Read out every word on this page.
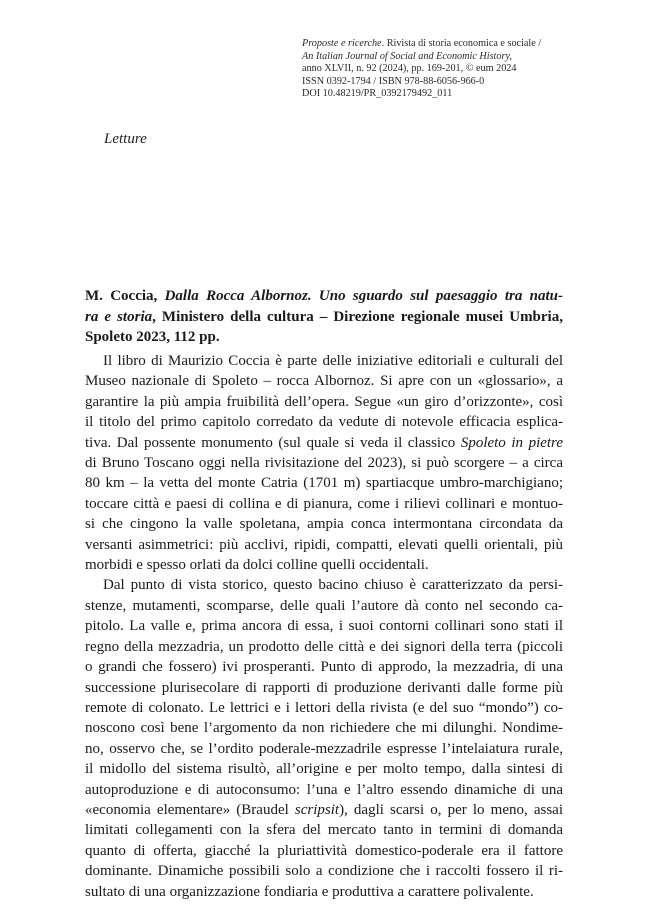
Proposte e ricerche. Rivista di storia economica e sociale /
An Italian Journal of Social and Economic History,
anno XLVII, n. 92 (2024), pp. 169-201, © eum 2024
ISSN 0392-1794 / ISBN 978-88-6056-966-0
DOI 10.48219/PR_0392179492_011
Letture
M. Coccia, Dalla Rocca Albornoz. Uno sguardo sul paesaggio tra natu-
ra e storia, Ministero della cultura – Direzione regionale musei Umbria,
Spoleto 2023, 112 pp.
Il libro di Maurizio Coccia è parte delle iniziative editoriali e culturali del
Museo nazionale di Spoleto – rocca Albornoz. Si apre con un «glossario», a
garantire la più ampia fruibilità dell’opera. Segue «un giro d’orizzonte», così
il titolo del primo capitolo corredato da vedute di notevole efficacia esplica-
tiva. Dal possente monumento (sul quale si veda il classico Spoleto in pietre
di Bruno Toscano oggi nella rivisitazione del 2023), si può scorgere – a circa
80 km – la vetta del monte Catria (1701 m) spartiacque umbro-marchigiano;
toccare città e paesi di collina e di pianura, come i rilievi collinari e montuo-
si che cingono la valle spoletana, ampia conca intermontana circondata da
versanti asimmetrici: più acclivi, ripidi, compatti, elevati quelli orientali, più
morbidi e spesso orlati da dolci colline quelli occidentali.
Dal punto di vista storico, questo bacino chiuso è caratterizzato da persi-
stenze, mutamenti, scomparse, delle quali l’autore dà conto nel secondo ca-
pitolo. La valle e, prima ancora di essa, i suoi contorni collinari sono stati il
regno della mezzadria, un prodotto delle città e dei signori della terra (piccoli
o grandi che fossero) ivi prosperanti. Punto di approdo, la mezzadria, di una
successione plurisecolare di rapporti di produzione derivanti dalle forme più
remote di colonato. Le lettrici e i lettori della rivista (e del suo “mondo”) co-
noscono così bene l’argomento da non richiedere che mi dilunghi. Nondime-
no, osservo che, se l’ordito poderale-mezzadrile espresse l’intelaiatura rurale,
il midollo del sistema risultò, all’origine e per molto tempo, dalla sintesi di
autoproduzione e di autoconsumo: l’una e l’altro essendo dinamiche di una
«economia elementare» (Braudel scripsit), dagli scarsi o, per lo meno, assai
limitati collegamenti con la sfera del mercato tanto in termini di domanda
quanto di offerta, giacché la pluriattività domestico-poderale era il fattore
dominante. Dinamiche possibili solo a condizione che i raccolti fossero il ri-
sultato di una organizzazione fondiaria e produttiva a carattere polivalente.
